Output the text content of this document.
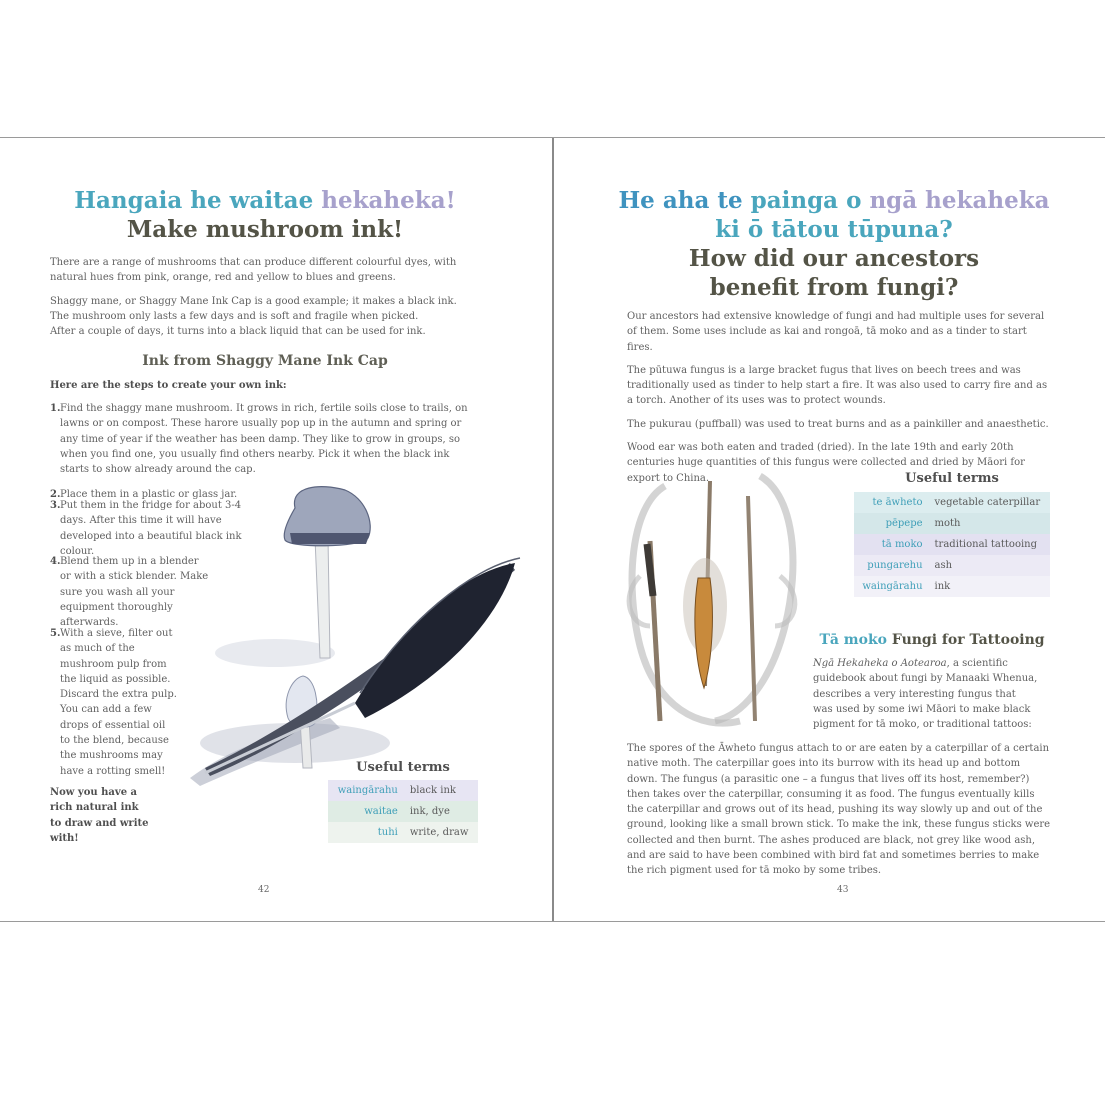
Hangaia he waitae hekaheka!

Make mushroom ink!

There are a range of mushrooms that can produce different colourful dyes, with natural hues from pink, orange, red and yellow to blues and greens.

Shaggy mane, or Shaggy Mane Ink Cap is a good example; it makes a black ink.

The mushroom only lasts a few days and is soft and fragile when picked.

After a couple of days, it turns into a black liquid that can be used for ink.

Ink from Shaggy Mane Ink Cap

Here are the steps to create your own ink:

1. Find the shaggy mane mushroom. It grows in rich, fertile soils close to trails, on lawns or on compost. These harore usually pop up in the autumn and spring or any time of year if the weather has been damp. They like to grow in groups, so when you find one, you usually find others nearby. Pick it when the black ink starts to show already around the cap.
2. Place them in a plastic or glass jar.
3. Put them in the fridge for about 3-4 days. After this time it will have developed into a beautiful black ink colour.
4. Blend them up in a blender or with a stick blender. Make sure you wash all your equipment thoroughly afterwards.
5. With a sieve, filter out as much of the mushroom pulp from the liquid as possible. Discard the extra pulp. You can add a few drops of essential oil to the blend, because the mushrooms may have a rotting smell!

Now you have a rich natural ink to draw and write with!

Useful terms

waingārahu	black ink
waitae	ink, dye
tuhi	write, draw
42

He aha te painga o ngā hekaheka

ki ō tātou tūpuna?

How did our ancestors

benefit from fungi?

Our ancestors had extensive knowledge of fungi and had multiple uses for several of them. Some uses include as kai and rongoā, tā moko and as a tinder to start fires.

The pūtuwa fungus is a large bracket fugus that lives on beech trees and was traditionally used as tinder to help start a fire. It was also used to carry fire and as a torch. Another of its uses was to protect wounds.

The pukurau (puffball) was used to treat burns and as a painkiller and anaesthetic.

Wood ear was both eaten and traded (dried). In the late 19th and early 20th centuries huge quantities of this fungus were collected and dried by Māori for export to China.	Useful terms

te āwheto	vegetable caterpillar
pēpepe	moth
tā moko	traditional tattooing
pungarehu	ash
waingārahu	ink

Tā moko Fungi for Tattooing

Ngā Hekaheka o Aotearoa, a scientific guidebook about fungi by Manaaki Whenua, describes a very interesting fungus that was used by some iwi Māori to make black pigment for tā moko, or traditional tattoos:

The spores of the Āwheto fungus attach to or are eaten by a caterpillar of a certain native moth. The caterpillar goes into its burrow with its head up and bottom down. The fungus (a parasitic one – a fungus that lives off its host, remember?) then takes over the caterpillar, consuming it as food. The fungus eventually kills the caterpillar and grows out of its head, pushing its way slowly up and out of the ground, looking like a small brown stick. To make the ink, these fungus sticks were collected and then burnt. The ashes produced are black, not grey like wood ash, and are said to have been combined with bird fat and sometimes berries to make the rich pigment used for tā moko by some tribes.

43
